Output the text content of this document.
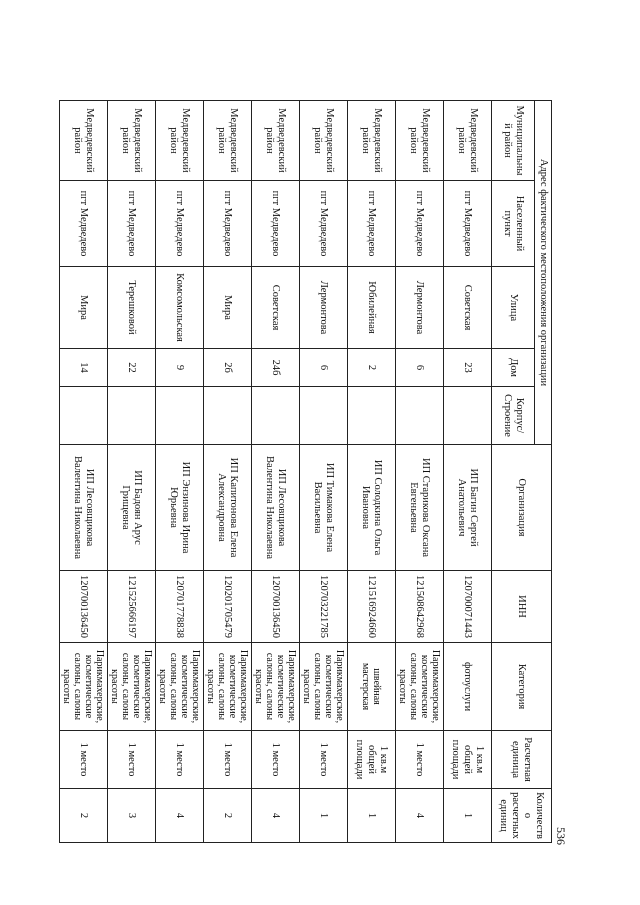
536
Адрес фактического местоположения организации					Организация	ИНН	Категория	Расчетная единица	Количество расчетных единиц
Муниципальный район	Населенный пункт	Улица	Дом	Корпус/Строение					
Медведевский район	пгт Медведево	Советская	23		ИП Багин Сергей Анатольевич	120700071443	фотоуслуги	1 кв.м общей площади	1
Медведевский район	пгт Медведево	Лермонтова	6		ИП Старикова Оксана Евгеньевна	121508642968	Парикмахерские, косметические салоны, салоны красоты	1 место	4
Медведевский район	пгт Медведево	Юбилейная	2		ИП Солодкина Ольга Ивановна	121516924660	швейная мастерская	1 кв.м общей площади	1
Медведевский район	пгт Медведево	Лермонтова	6		ИП Тимакова Елена Васильевна	120703221785	Парикмахерские, косметические салоны, салоны красоты	1 место	1
Медведевский район	пгт Медведево	Советская	24б		ИП Лесовщикова Валентина Николаевна	120700136450	Парикмахерские, косметические салоны, салоны красоты	1 место	4
Медведевский район	пгт Медведево	Мира	2б		ИП Капитонова Елена Александровна	120201705479	Парикмахерские, косметические салоны, салоны красоты	1 место	2
Медведевский район	пгт Медведево	Комсомольская	9		ИП Энзинова Ирина Юрьевна	120701778838	Парикмахерские, косметические салоны, салоны красоты	1 место	4
Медведевский район	пгт Медведево	Терешковой	22		ИП Бадоян Арус Грищевна	121525666197	Парикмахерские, косметические салоны, салоны красоты	1 место	3
Медведевский район	пгт Медведево	Мира	14		ИП Лесовщикова Валентина Николаевна	120700136450	Парикмахерские, косметические салоны, салоны красоты	1 место	2
